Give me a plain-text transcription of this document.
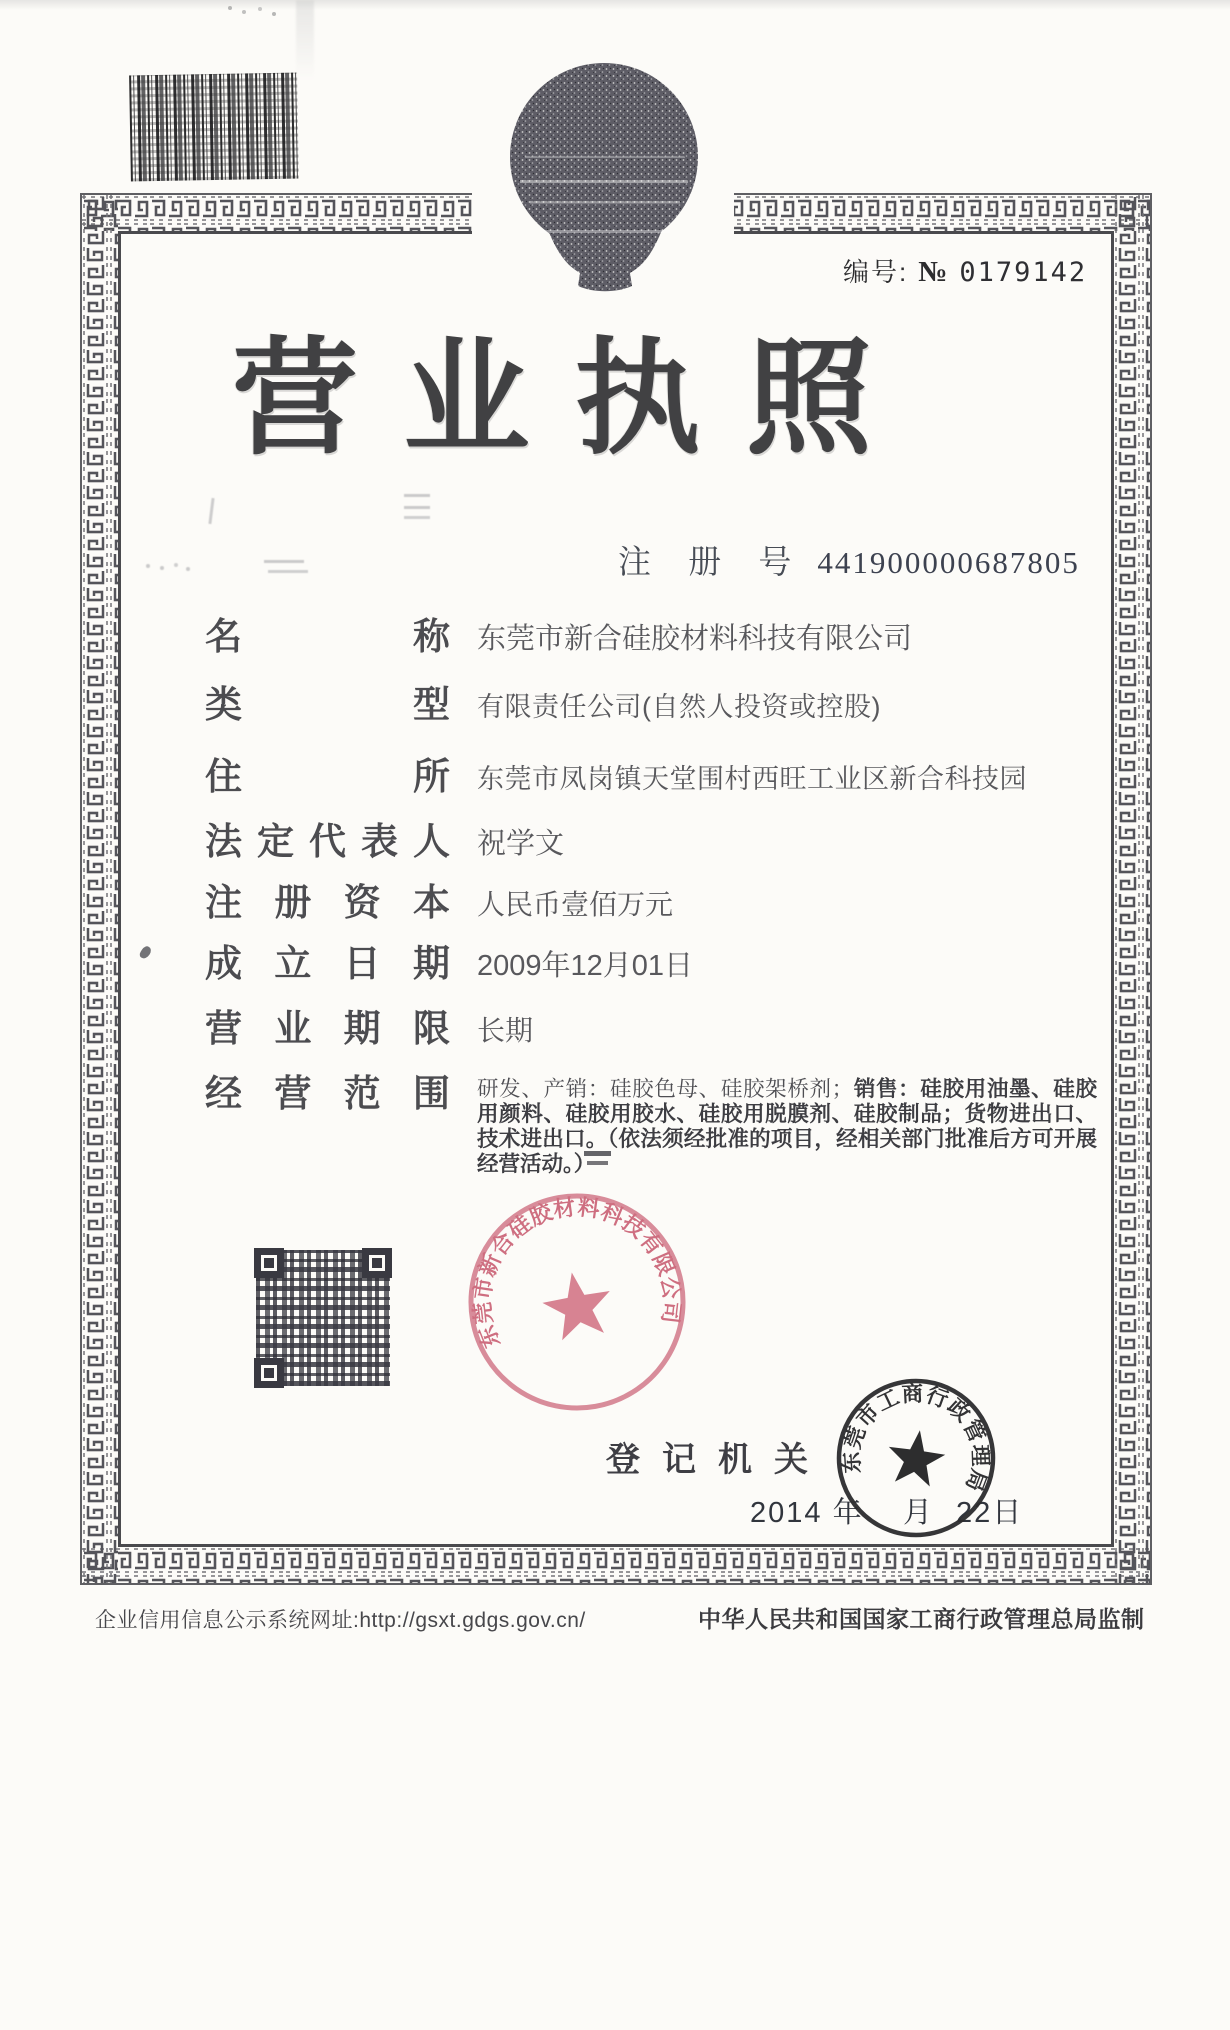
编号: № 0179142
营 业 执 照
注 册 号 441900000687805
名	称 东莞市新合硅胶材料科技有限公司
类	型 有限责任公司(自然人投资或控股)
住	所 东莞市凤岗镇天堂围村西旺工业区新合科技园
法 定 代 表 人 祝学文
注 册 资 本 人民币壹佰万元
成 立 日 期 2009年12月01日
营 业 期 限 长期
经 营 范 围 研发、产销：硅胶色母、硅胶架桥剂；销售：硅胶用油墨、硅胶用颜料、硅胶用胶水、硅胶用脱膜剂、硅胶制品；货物进出口、技术进出口。（依法须经批准的项目，经相关部门批准后方可开展经营活动。）
东莞市新合硅胶材料科技有限公司
登记机关
2014 年 月 22日
东莞市工商行政管理局
企业信用信息公示系统网址:http://gsxt.gdgs.gov.cn/	中华人民共和国国家工商行政管理总局监制
